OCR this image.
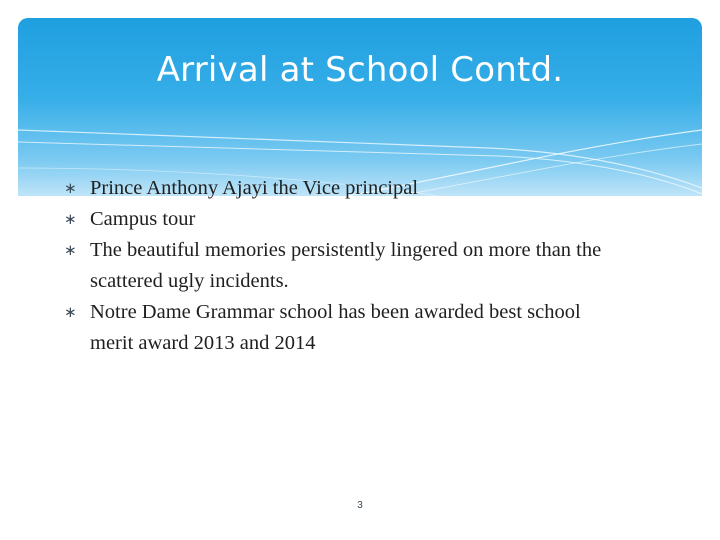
Arrival at School Contd.
∗ Prince Anthony Ajayi the Vice principal
∗ Campus tour
∗ The beautiful memories persistently lingered on more than the scattered ugly incidents.
∗ Notre Dame Grammar school has been awarded best school merit award 2013 and 2014
3
